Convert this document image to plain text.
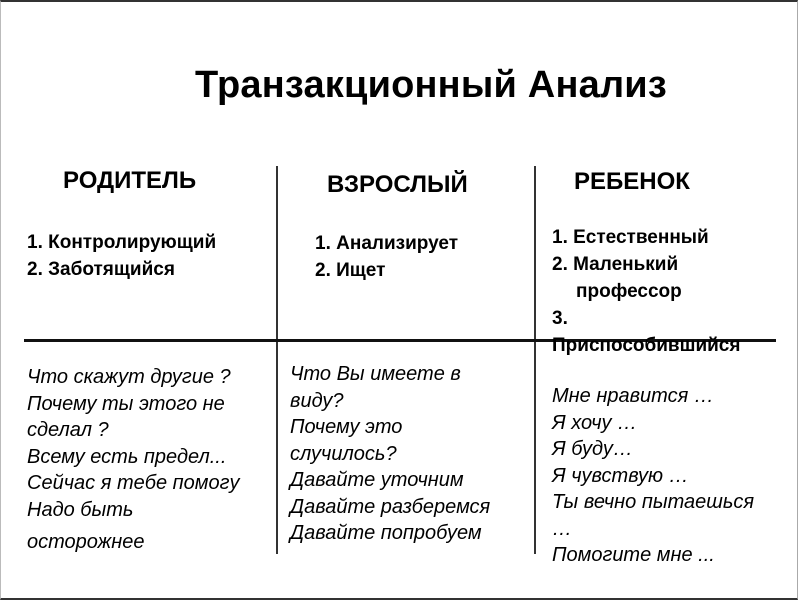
Транзакционный Анализ
РОДИТЕЛЬ
1. Контролирующий
2. Заботящийся
Что скажут другие ?
Почему ты этого не
сделал ?
Всему есть предел...
Сейчас я тебе помогу
Надо быть
осторожнее
ВЗРОСЛЫЙ
1. Анализирует
2. Ищет
Что Вы имеете в
виду?
Почему это
случилось?
Давайте уточним
Давайте разберемся
Давайте попробуем
РЕБЕНОК
1. Естественный
2. Маленький
профессор
3.
Приспособившийся
Мне нравится …
Я хочу …
Я буду…
Я чувствую …
Ты вечно пытаешься
…
Помогите мне ...
